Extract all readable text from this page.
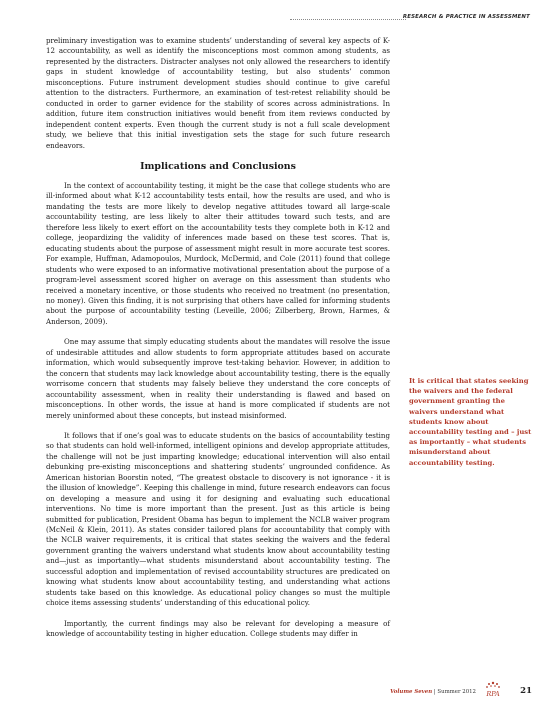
RESEARCH & PRACTICE IN ASSESSMENT

preliminary investigation was to examine students’ understanding of several key aspects of K-12 accountability, as well as identify the misconceptions most common among students, as represented by the distracters. Distracter analyses not only allowed the researchers to identify gaps in student knowledge of accountability testing, but also students’ common misconceptions. Future instrument development studies should continue to give careful attention to the distracters. Furthermore, an examination of test-retest reliability should be conducted in order to garner evidence for the stability of scores across administrations. In addition, future item construction initiatives would benefit from item reviews conducted by independent content experts. Even though the current study is not a full scale development study, we believe that this initial investigation sets the stage for such future research endeavors.

Implications and Conclusions

In the context of accountability testing, it might be the case that college students who are ill-informed about what K-12 accountability tests entail, how the results are used, and who is mandating the tests are more likely to develop negative attitudes toward all large-scale accountability testing, are less likely to alter their attitudes toward such tests, and are therefore less likely to exert effort on the accountability tests they complete both in K-12 and college, jeopardizing the validity of inferences made based on these test scores. That is, educating students about the purpose of assessment might result in more accurate test scores. For example, Huffman, Adamopoulos, Murdock, McDermid, and Cole (2011) found that college students who were exposed to an informative motivational presentation about the purpose of a program-level assessment scored higher on average on this assessment than students who received a monetary incentive, or those students who received no treatment (no presentation, no money). Given this finding, it is not surprising that others have called for informing students about the purpose of accountability testing (Leveille, 2006; Zilberberg, Brown, Harmes, & Anderson, 2009).

One may assume that simply educating students about the mandates will resolve the issue of undesirable attitudes and allow students to form appropriate attitudes based on accurate information, which would subsequently improve test-taking behavior. However, in addition to the concern that students may lack knowledge about accountability testing, there is the equally worrisome concern that students may falsely believe they understand the core concepts of accountability assessment, when in reality their understanding is flawed and based on misconceptions. In other words, the issue at hand is more complicated if students are not merely uninformed about these concepts, but instead misinformed.

It follows that if one’s goal was to educate students on the basics of accountability testing so that students can hold well-informed, intelligent opinions and develop appropriate attitudes, the challenge will not be just imparting knowledge; educational intervention will also entail debunking pre-existing misconceptions and shattering students’ ungrounded confidence. As American historian Boorstin noted, “The greatest obstacle to discovery is not ignorance - it is the illusion of knowledge”. Keeping this challenge in mind, future research endeavors can focus on developing a measure and using it for designing and evaluating such educational interventions. No time is more important than the present. Just as this article is being submitted for publication, President Obama has begun to implement the NCLB waiver program (McNeil & Klein, 2011). As states consider tailored plans for accountability that comply with the NCLB waiver requirements, it is critical that states seeking the waivers and the federal government granting the waivers understand what students know about accountability testing and—just as importantly—what students misunderstand about accountability testing. The successful adoption and implementation of revised accountability structures are predicated on knowing what students know about accountability testing, and understanding what actions students take based on this knowledge. As educational policy changes so must the multiple choice items assessing students’ understanding of this educational policy.

Importantly, the current findings may also be relevant for developing a measure of knowledge of accountability testing in higher education. College students may differ in

It is critical that states seeking the waivers and the federal government granting the waivers understand what students know about accountability testing and – just as importantly – what students misunderstand about accountability testing.
Volume Seven | Summer 2012 RPA 21
